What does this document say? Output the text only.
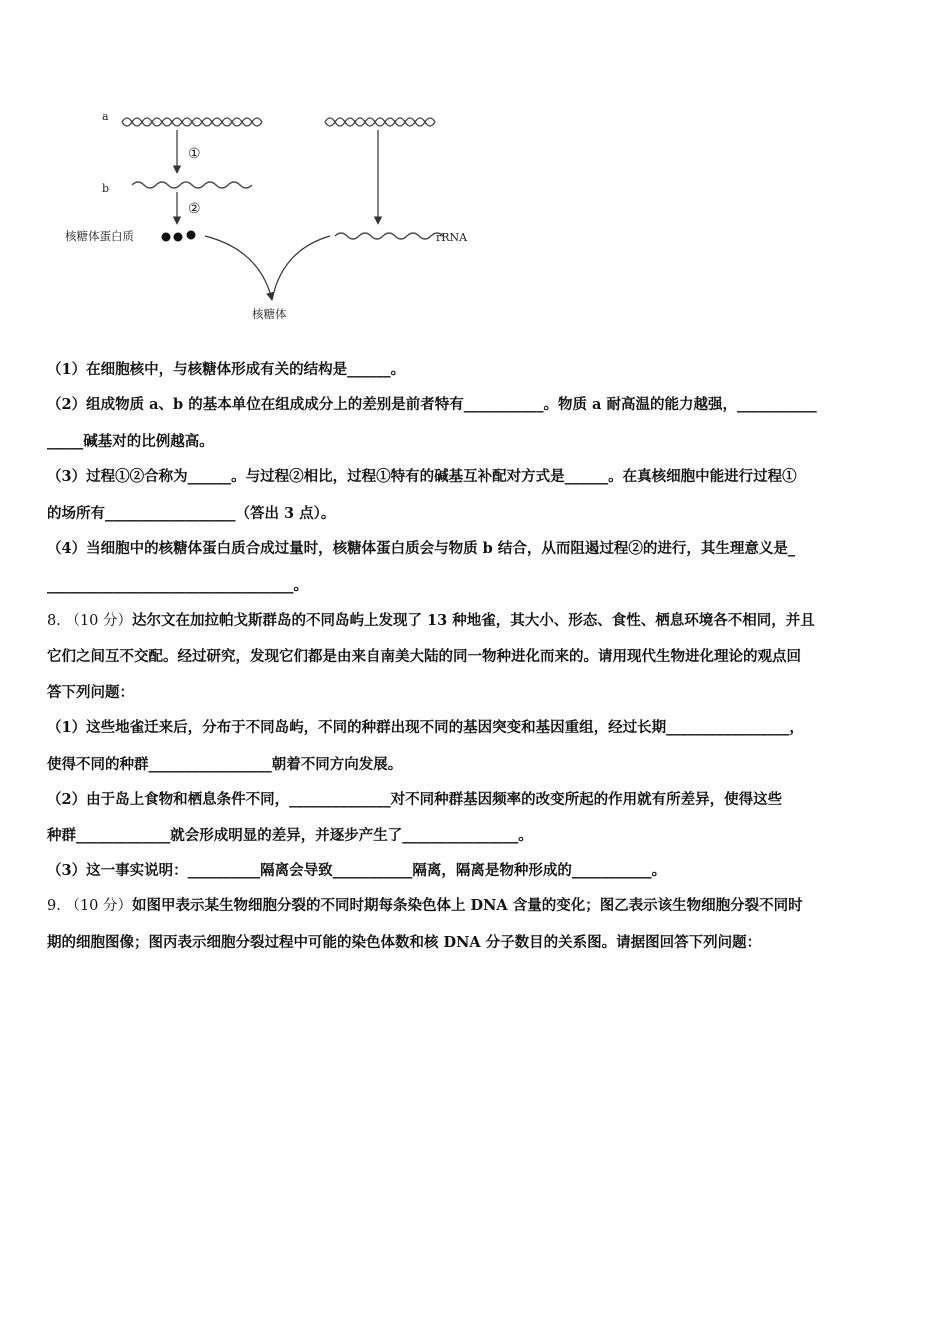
a
①
b
②
核糖体蛋白质	rRNA
核糖体
（1）在细胞核中，与核糖体形成有关的结构是______。
（2）组成物质 a、b 的基本单位在组成成分上的差别是前者特有___________。物质 a 耐高温的能力越强，___________
_____碱基对的比例越高。
（3）过程①②合称为______。与过程②相比，过程①特有的碱基互补配对方式是______。在真核细胞中能进行过程①
的场所有__________________（答出 3 点）。
（4）当细胞中的核糖体蛋白质合成过量时，核糖体蛋白质会与物质 b 结合，从而阻遏过程②的进行，其生理意义是_
__________________________________。
8. （10 分）达尔文在加拉帕戈斯群岛的不同岛屿上发现了 13 种地雀，其大小、形态、食性、栖息环境各不相同，并且
它们之间互不交配。经过研究，发现它们都是由来自南美大陆的同一物种进化而来的。请用现代生物进化理论的观点回
答下列问题：
（1）这些地雀迁来后，分布于不同岛屿，不同的种群出现不同的基因突变和基因重组，经过长期_________________，
使得不同的种群_________________朝着不同方向发展。
（2）由于岛上食物和栖息条件不同，______________对不同种群基因频率的改变所起的作用就有所差异，使得这些
种群_____________就会形成明显的差异，并逐步产生了________________。
（3）这一事实说明：__________隔离会导致___________隔离，隔离是物种形成的___________。
9. （10 分）如图甲表示某生物细胞分裂的不同时期每条染色体上 DNA 含量的变化；图乙表示该生物细胞分裂不同时
期的细胞图像；图丙表示细胞分裂过程中可能的染色体数和核 DNA 分子数目的关系图。请据图回答下列问题：
